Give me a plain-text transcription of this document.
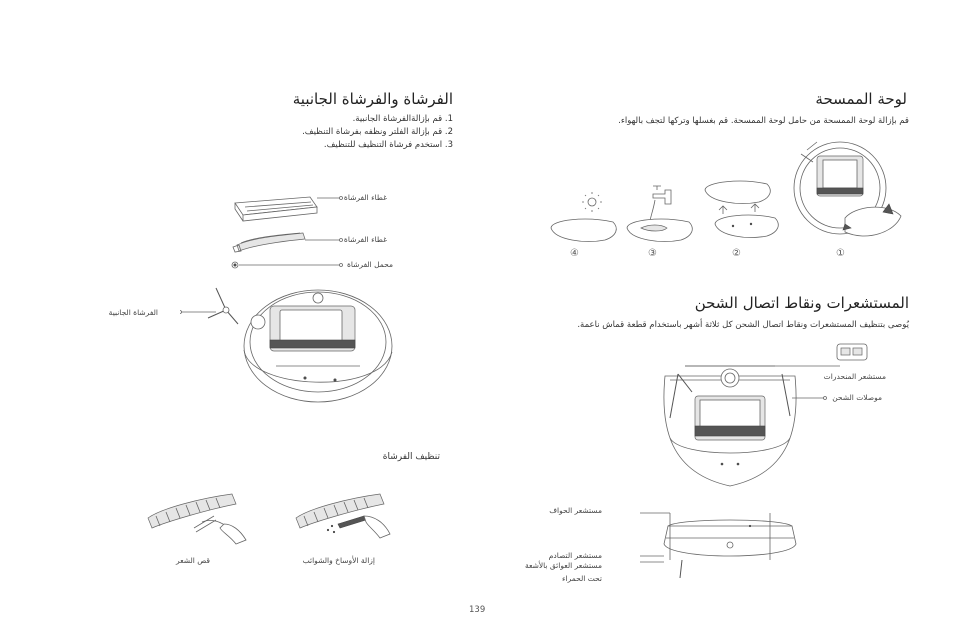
الفرشاة والفرشاة الجانبية
1. قم بإزالةالفرشاة الجانبية.
2. قم بإزالة الفلتر ونظفه بفرشاة التنظيف.
3. استخدم فرشاة التنظيف للتنظيف.
غطاء الفرشاة
غطاء الفرشاة
محمل الفرشاة
الفرشاة الجانبية
تنظيف الفرشاة
قص الشعر	إزالة الأوساخ والشوائب
لوحة الممسحة
قم بإزالة لوحة الممسحة من حامل لوحة الممسحة. قم بغسلها وتركها لتجف بالهواء.
④	③	②	①
المستشعرات ونقاط اتصال الشحن
يُوصى بتنظيف المستشعرات ونقاط اتصال الشحن كل ثلاثة أشهر باستخدام قطعة قماش ناعمة.
مستشعر المنحدرات
موصلات الشحن
مستشعر الحواف
مستشعر التصادم
مستشعر العوائق بالأشعة
تحت الحمراء
139
